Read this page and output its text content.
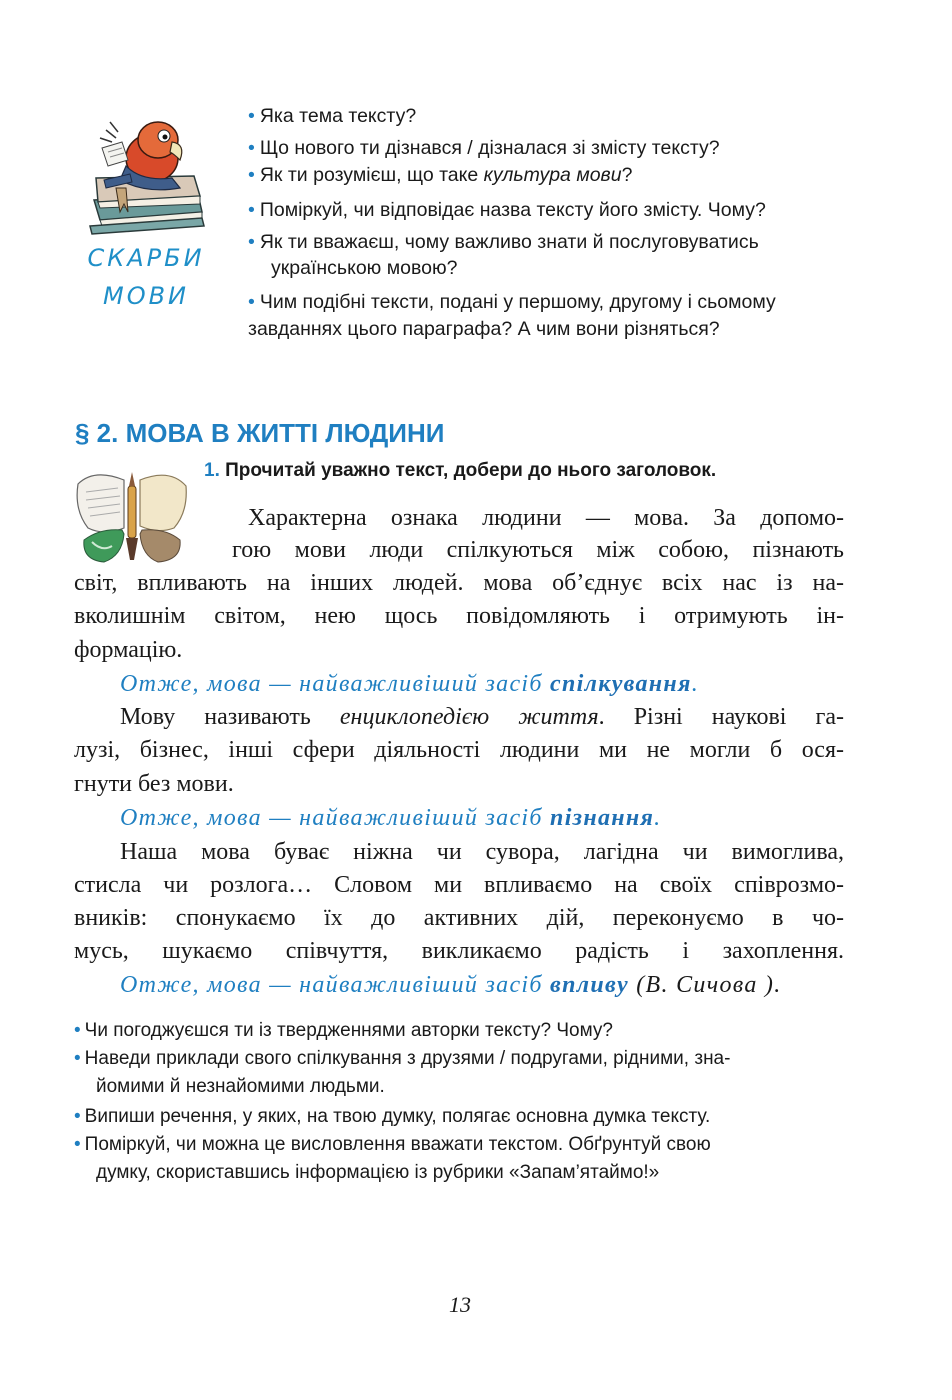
СКАРБИ
МОВИ
• Яка тема тексту?
• Що нового ти дізнався / дізналася зі змісту тексту?
• Як ти розумієш, що таке культура мови?
• Поміркуй, чи відповідає назва тексту його змісту. Чому?
• Як ти вважаєш, чому важливо знати й послуговуватись
українською мовою?
• Чим подібні тексти, подані у першому, другому і сьомому
завданнях цього параграфа? А чим вони різняться?
§ 2. МОВА В ЖИТТІ ЛЮДИНИ
1. Прочитай уважно текст, добери до нього заголовок.
Характерна ознака людини — мова. За допомо-
гою мови люди спілкуються між собою, пізнають
світ, впливають на інших людей. мова об’єднує всіх нас із на-
вколишнім світом, нею щось повідомляють і отримують ін-
формацію.
Отже, мова — найважливіший засіб спілкування.
Мову називають енциклопедією життя. Різні наукові га-
лузі, бізнес, інші сфери діяльності людини ми не могли б ося-
гнути без мови.
Отже, мова — найважливіший засіб пізнання.
Наша мова буває ніжна чи сувора, лагідна чи вимоглива,
стисла чи розлога… Словом ми впливаємо на своїх співрозмо-
вників: спонукаємо їх до активних дій, переконуємо в чо-
мусь, шукаємо співчуття, викликаємо радість і захоплення.
Отже, мова — найважливіший засіб впливу (В. Сичова ).
• Чи погоджуєшся ти із твердженнями авторки тексту? Чому?
• Наведи приклади свого спілкування з друзями / подругами, рідними, зна-
йомими й незнайомими людьми.
• Випиши речення, у яких, на твою думку, полягає основна думка тексту.
• Поміркуй, чи можна це висловлення вважати текстом. Обґрунтуй свою
думку, скориставшись інформацією із рубрики «Запам’ятаймо!»
13
